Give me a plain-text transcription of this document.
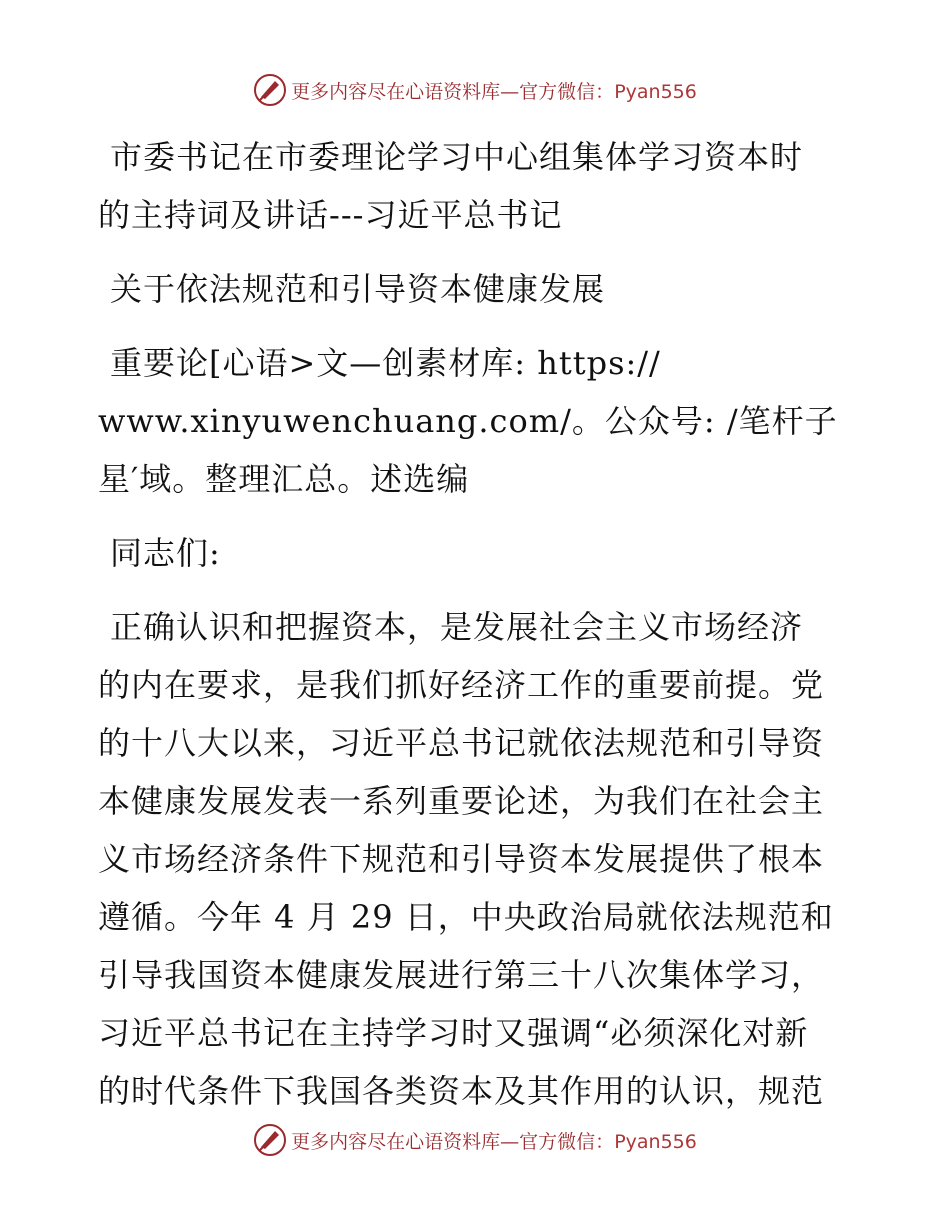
更多内容尽在心语资料库—官方微信：Pyan556
市委书记在市委理论学习中心组集体学习资本时
的主持词及讲话---习近平总书记
关于依法规范和引导资本健康发展
重要论[心语>文—创素材库: https://
www.xinyuwenchuang.com/。公众号: /笔杆子
星′域。整理汇总。述选编
同志们:
正确认识和把握资本，是发展社会主义市场经济
的内在要求，是我们抓好经济工作的重要前提。党
的十八大以来，习近平总书记就依法规范和引导资
本健康发展发表一系列重要论述，为我们在社会主
义市场经济条件下规范和引导资本发展提供了根本
遵循。今年 4 月 29 日，中央政治局就依法规范和
引导我国资本健康发展进行第三十八次集体学习，
习近平总书记在主持学习时又强调“必须深化对新
的时代条件下我国各类资本及其作用的认识，规范
更多内容尽在心语资料库—官方微信：Pyan556
